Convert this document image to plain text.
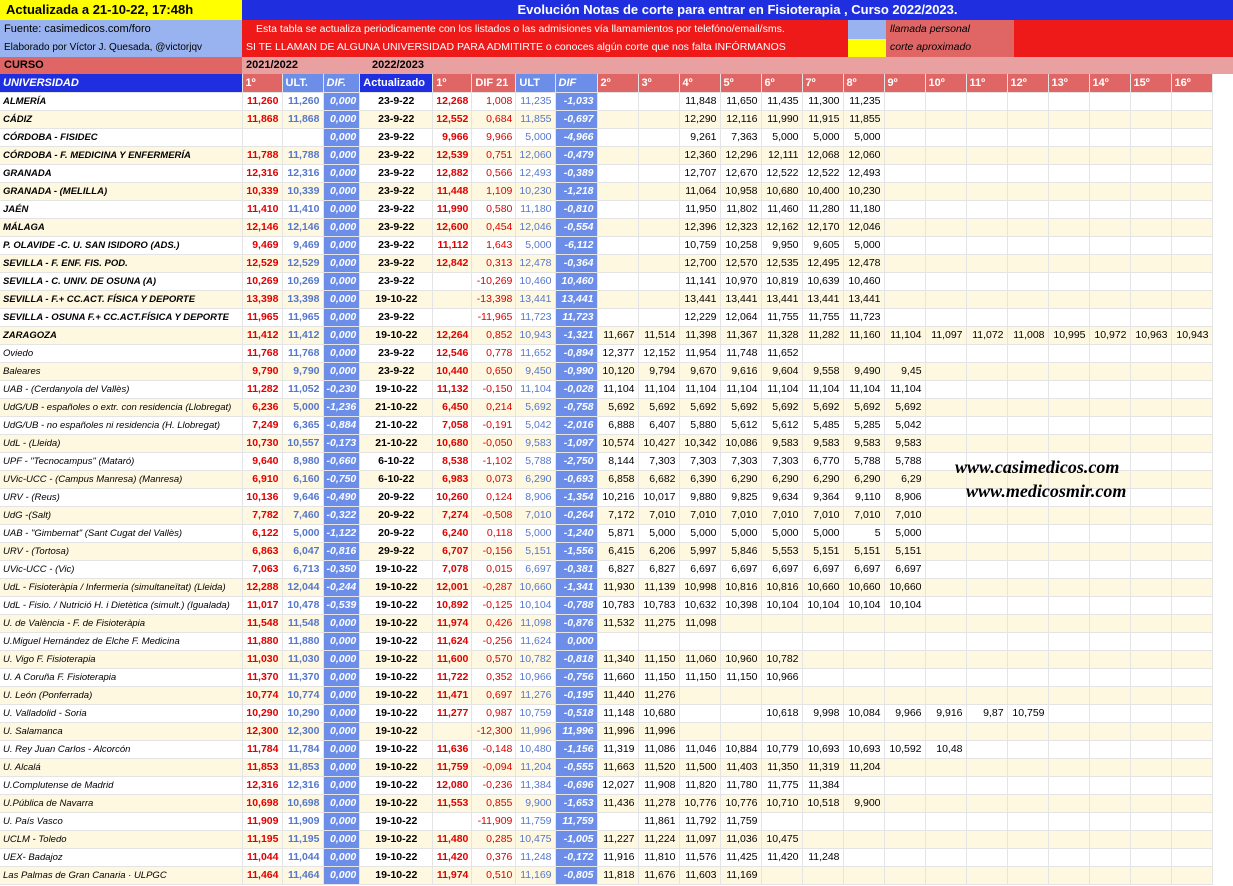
Actualizada a 21-10-22, 17:48h	Evolución Notas de corte para entrar en Fisioterapia , Curso 2022/2023.
Fuente: casimedicos.com/foro
Elaborado por Víctor J. Quesada, @victorjqv
Esta tabla se actualiza periodicamente con los listados o las admisiones vía llamamientos por telefóno/email/sms.
SI TE LLAMAN DE ALGUNA UNIVERSIDAD PARA ADMITIRTE o conoces algún corte que nos falta INFÓRMANOS
llamada personal
corte aproximado
CURSO	2021/2022	2022/2023
UNIVERSIDAD	1º	ULT.	DIF.	Actualizado	1º	DIF 21	ULT	DIF	2º	3º	4º	5º	6º	7º	8º	9º	10º	11º	12º	13º	14º	15º	16º
ALMERÍA	11,260	11,260	0,000	23-9-22	12,268	1,008	11,235	-1,033			11,848	11,650	11,435	11,300	11,235								
CÁDIZ	11,868	11,868	0,000	23-9-22	12,552	0,684	11,855	-0,697			12,290	12,116	11,990	11,915	11,855								
CÓRDOBA - FISIDEC			0,000	23-9-22	9,966	9,966	5,000	-4,966			9,261	7,363	5,000	5,000	5,000								
CÓRDOBA - F. MEDICINA Y ENFERMERÍA	11,788	11,788	0,000	23-9-22	12,539	0,751	12,060	-0,479			12,360	12,296	12,111	12,068	12,060								
GRANADA	12,316	12,316	0,000	23-9-22	12,882	0,566	12,493	-0,389			12,707	12,670	12,522	12,522	12,493								
GRANADA - (MELILLA)	10,339	10,339	0,000	23-9-22	11,448	1,109	10,230	-1,218			11,064	10,958	10,680	10,400	10,230								
JAÉN	11,410	11,410	0,000	23-9-22	11,990	0,580	11,180	-0,810			11,950	11,802	11,460	11,280	11,180								
MÁLAGA	12,146	12,146	0,000	23-9-22	12,600	0,454	12,046	-0,554			12,396	12,323	12,162	12,170	12,046								
P. OLAVIDE -C. U. SAN ISIDORO (ADS.)	9,469	9,469	0,000	23-9-22	11,112	1,643	5,000	-6,112			10,759	10,258	9,950	9,605	5,000								
SEVILLA - F. ENF. FIS. POD.	12,529	12,529	0,000	23-9-22	12,842	0,313	12,478	-0,364			12,700	12,570	12,535	12,495	12,478								
SEVILLA - C. UNIV. DE OSUNA (A)	10,269	10,269	0,000	23-9-22		-10,269	10,460	10,460			11,141	10,970	10,819	10,639	10,460								
SEVILLA - F.+ CC.ACT. FÍSICA Y DEPORTE	13,398	13,398	0,000	19-10-22		-13,398	13,441	13,441			13,441	13,441	13,441	13,441	13,441								
SEVILLA - OSUNA F.+ CC.ACT.FÍSICA Y DEPORTE	11,965	11,965	0,000	23-9-22		-11,965	11,723	11,723			12,229	12,064	11,755	11,755	11,723								
ZARAGOZA	11,412	11,412	0,000	19-10-22	12,264	0,852	10,943	-1,321	11,667	11,514	11,398	11,367	11,328	11,282	11,160	11,104	11,097	11,072	11,008	10,995	10,972	10,963	10,943
Oviedo	11,768	11,768	0,000	23-9-22	12,546	0,778	11,652	-0,894	12,377	12,152	11,954	11,748	11,652										
Baleares	9,790	9,790	0,000	23-9-22	10,440	0,650	9,450	-0,990	10,120	9,794	9,670	9,616	9,604	9,558	9,490	9,45							
UAB - (Cerdanyola del Vallès)	11,282	11,052	-0,230	19-10-22	11,132	-0,150	11,104	-0,028	11,104	11,104	11,104	11,104	11,104	11,104	11,104	11,104							
UdG/UB - españoles o extr. con residencia (Llobregat)	6,236	5,000	-1,236	21-10-22	6,450	0,214	5,692	-0,758	5,692	5,692	5,692	5,692	5,692	5,692	5,692	5,692							
UdG/UB - no españoles ni residencia (H. Llobregat)	7,249	6,365	-0,884	21-10-22	7,058	-0,191	5,042	-2,016	6,888	6,407	5,880	5,612	5,612	5,485	5,285	5,042							
UdL - (Lleida)	10,730	10,557	-0,173	21-10-22	10,680	-0,050	9,583	-1,097	10,574	10,427	10,342	10,086	9,583	9,583	9,583	9,583							
UPF - "Tecnocampus" (Mataró)	9,640	8,980	-0,660	6-10-22	8,538	-1,102	5,788	-2,750	8,144	7,303	7,303	7,303	7,303	6,770	5,788	5,788							
UVic-UCC - (Campus Manresa) (Manresa)	6,910	6,160	-0,750	6-10-22	6,983	0,073	6,290	-0,693	6,858	6,682	6,390	6,290	6,290	6,290	6,290	6,29							
URV - (Reus)	10,136	9,646	-0,490	20-9-22	10,260	0,124	8,906	-1,354	10,216	10,017	9,880	9,825	9,634	9,364	9,110	8,906							
UdG -(Salt)	7,782	7,460	-0,322	20-9-22	7,274	-0,508	7,010	-0,264	7,172	7,010	7,010	7,010	7,010	7,010	7,010	7,010							
UAB - "Gimbernat" (Sant Cugat del Vallès)	6,122	5,000	-1,122	20-9-22	6,240	0,118	5,000	-1,240	5,871	5,000	5,000	5,000	5,000	5,000	5	5,000							
URV - (Tortosa)	6,863	6,047	-0,816	29-9-22	6,707	-0,156	5,151	-1,556	6,415	6,206	5,997	5,846	5,553	5,151	5,151	5,151							
UVic-UCC - (Vic)	7,063	6,713	-0,350	19-10-22	7,078	0,015	6,697	-0,381	6,827	6,827	6,697	6,697	6,697	6,697	6,697	6,697							
UdL - Fisioteràpia / Infermeria (simultaneïtat) (Lleida)	12,288	12,044	-0,244	19-10-22	12,001	-0,287	10,660	-1,341	11,930	11,139	10,998	10,816	10,816	10,660	10,660	10,660							
UdL - Fisio. / Nutrició H. i Dietètica (simult.) (Igualada)	11,017	10,478	-0,539	19-10-22	10,892	-0,125	10,104	-0,788	10,783	10,783	10,632	10,398	10,104	10,104	10,104	10,104							
U. de València - F. de Fisioteràpia	11,548	11,548	0,000	19-10-22	11,974	0,426	11,098	-0,876	11,532	11,275	11,098												
U.Miguel Hernández de Elche F. Medicina	11,880	11,880	0,000	19-10-22	11,624	-0,256	11,624	0,000															
U. Vigo F. Fisioterapia	11,030	11,030	0,000	19-10-22	11,600	0,570	10,782	-0,818	11,340	11,150	11,060	10,960	10,782										
U. A Coruña F. Fisioterapia	11,370	11,370	0,000	19-10-22	11,722	0,352	10,966	-0,756	11,660	11,150	11,150	11,150	10,966										
U. León (Ponferrada)	10,774	10,774	0,000	19-10-22	11,471	0,697	11,276	-0,195	11,440	11,276													
U. Valladolid - Soria	10,290	10,290	0,000	19-10-22	11,277	0,987	10,759	-0,518	11,148	10,680			10,618	9,998	10,084	9,966	9,916	9,87	10,759				
U. Salamanca	12,300	12,300	0,000	19-10-22		-12,300	11,996	11,996	11,996	11,996													
U. Rey Juan Carlos - Alcorcón	11,784	11,784	0,000	19-10-22	11,636	-0,148	10,480	-1,156	11,319	11,086	11,046	10,884	10,779	10,693	10,693	10,592	10,48						
U. Alcalá	11,853	11,853	0,000	19-10-22	11,759	-0,094	11,204	-0,555	11,663	11,520	11,500	11,403	11,350	11,319	11,204								
U.Complutense de Madrid	12,316	12,316	0,000	19-10-22	12,080	-0,236	11,384	-0,696	12,027	11,908	11,820	11,780	11,775	11,384									
U.Pública de Navarra	10,698	10,698	0,000	19-10-22	11,553	0,855	9,900	-1,653	11,436	11,278	10,776	10,776	10,710	10,518	9,900								
U. País Vasco	11,909	11,909	0,000	19-10-22		-11,909	11,759	11,759		11,861	11,792	11,759											
UCLM - Toledo	11,195	11,195	0,000	19-10-22	11,480	0,285	10,475	-1,005	11,227	11,224	11,097	11,036	10,475										
UEX- Badajoz	11,044	11,044	0,000	19-10-22	11,420	0,376	11,248	-0,172	11,916	11,810	11,576	11,425	11,420	11,248									
Las Palmas de Gran Canaria · ULPGC	11,464	11,464	0,000	19-10-22	11,974	0,510	11,169	-0,805	11,818	11,676	11,603	11,169											
www.casimedicos.com
www.medicosmir.com
